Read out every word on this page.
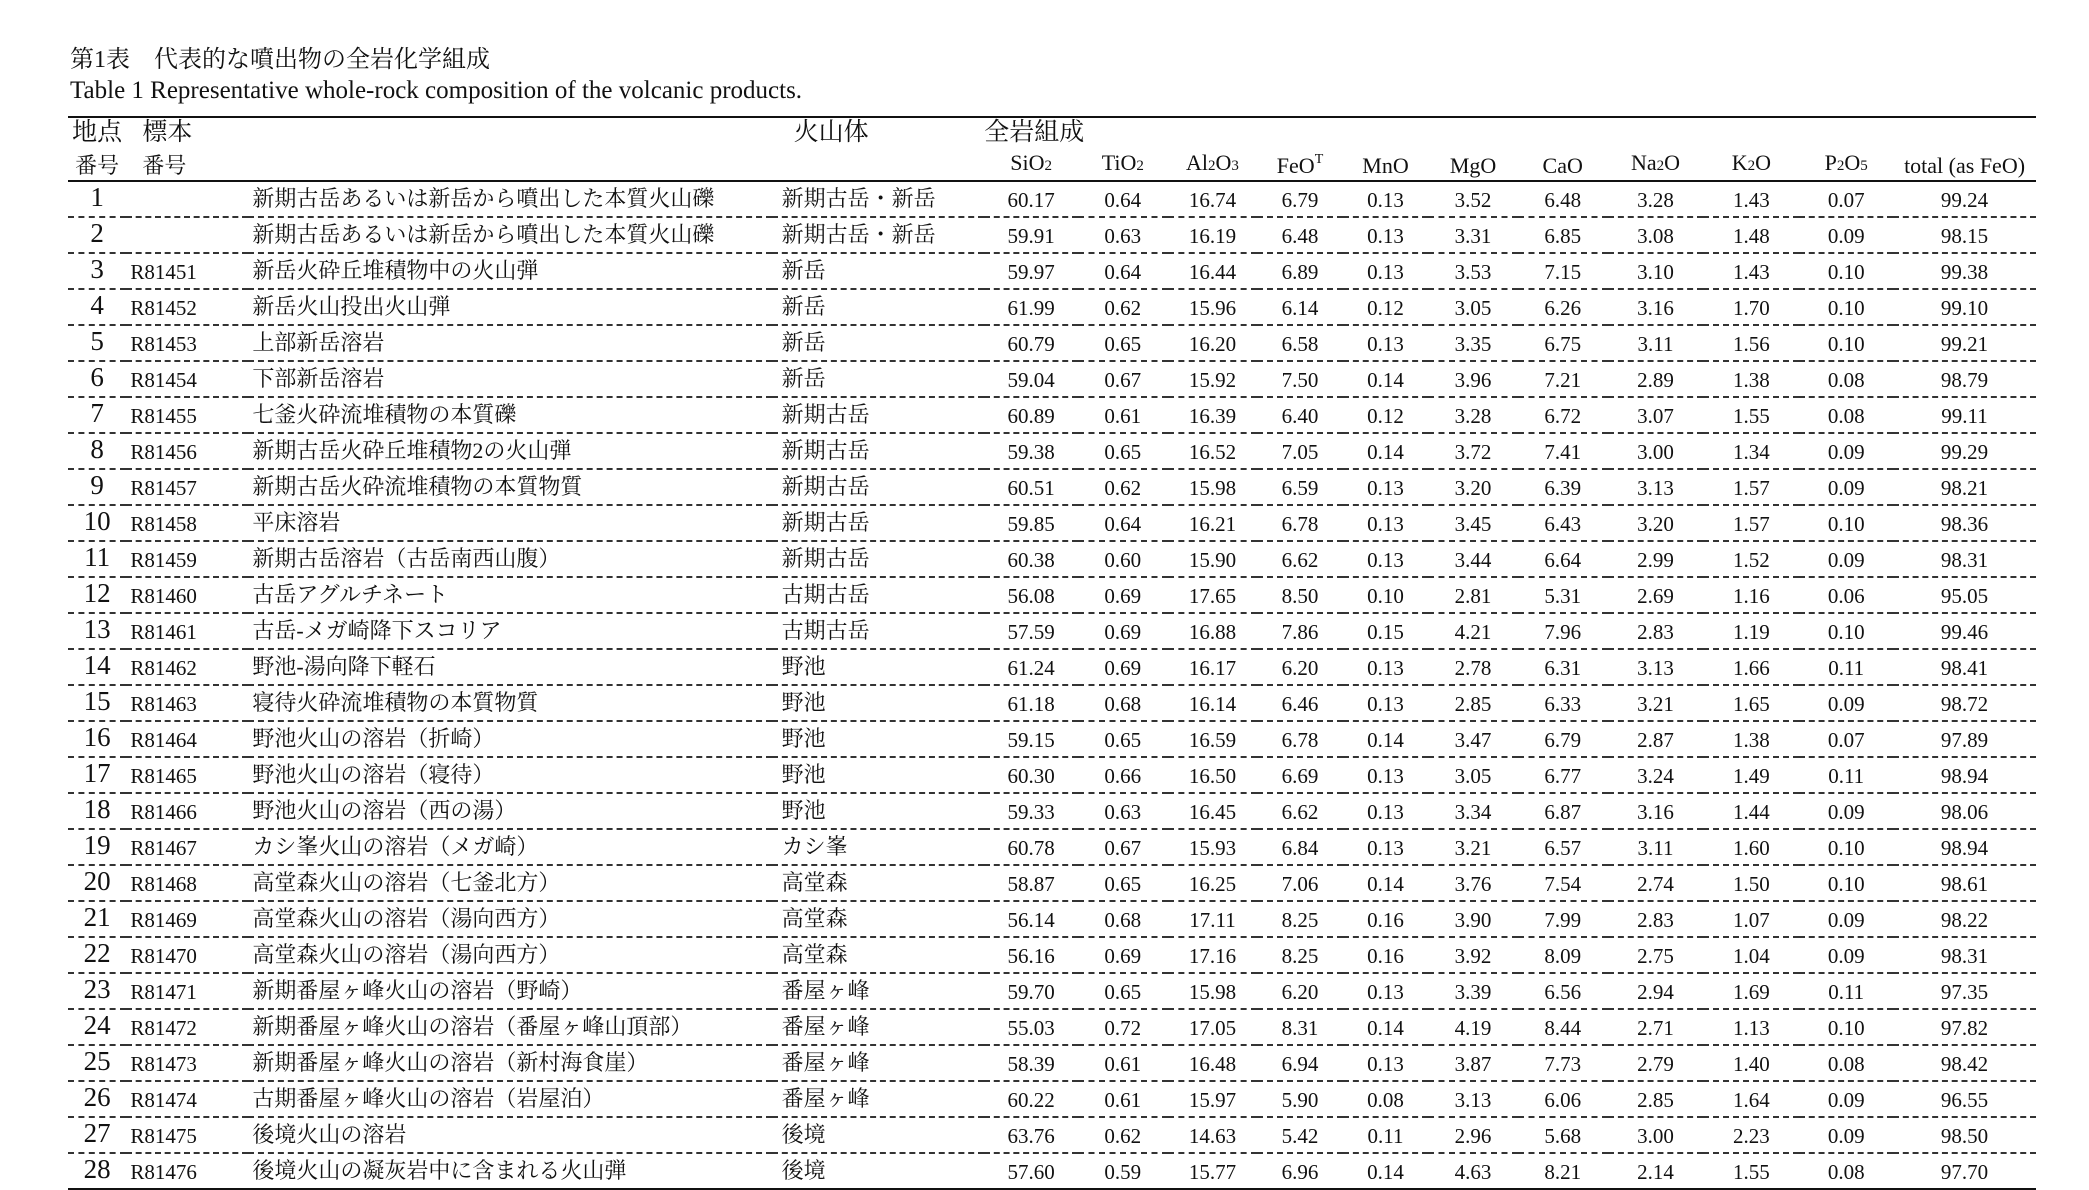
第1表　代表的な噴出物の全岩化学組成
Table 1 Representative whole-rock composition of the volcanic products.
地点	標本		火山体	全岩組成										
番号	番号			SiO2	TiO2	Al2O3	FeO$^T$	MnO	MgO	CaO	Na2O	K2O	P2O5	total (as FeO)
1		新期古岳あるいは新岳から噴出した本質火山礫	新期古岳・新岳	60.17	0.64	16.74	6.79	0.13	3.52	6.48	3.28	1.43	0.07	99.24
2		新期古岳あるいは新岳から噴出した本質火山礫	新期古岳・新岳	59.91	0.63	16.19	6.48	0.13	3.31	6.85	3.08	1.48	0.09	98.15
3	R81451	新岳火砕丘堆積物中の火山弾	新岳	59.97	0.64	16.44	6.89	0.13	3.53	7.15	3.10	1.43	0.10	99.38
4	R81452	新岳火山投出火山弾	新岳	61.99	0.62	15.96	6.14	0.12	3.05	6.26	3.16	1.70	0.10	99.10
5	R81453	上部新岳溶岩	新岳	60.79	0.65	16.20	6.58	0.13	3.35	6.75	3.11	1.56	0.10	99.21
6	R81454	下部新岳溶岩	新岳	59.04	0.67	15.92	7.50	0.14	3.96	7.21	2.89	1.38	0.08	98.79
7	R81455	七釜火砕流堆積物の本質礫	新期古岳	60.89	0.61	16.39	6.40	0.12	3.28	6.72	3.07	1.55	0.08	99.11
8	R81456	新期古岳火砕丘堆積物2の火山弾	新期古岳	59.38	0.65	16.52	7.05	0.14	3.72	7.41	3.00	1.34	0.09	99.29
9	R81457	新期古岳火砕流堆積物の本質物質	新期古岳	60.51	0.62	15.98	6.59	0.13	3.20	6.39	3.13	1.57	0.09	98.21
10	R81458	平床溶岩	新期古岳	59.85	0.64	16.21	6.78	0.13	3.45	6.43	3.20	1.57	0.10	98.36
11	R81459	新期古岳溶岩（古岳南西山腹）	新期古岳	60.38	0.60	15.90	6.62	0.13	3.44	6.64	2.99	1.52	0.09	98.31
12	R81460	古岳アグルチネート	古期古岳	56.08	0.69	17.65	8.50	0.10	2.81	5.31	2.69	1.16	0.06	95.05
13	R81461	古岳-メガ崎降下スコリア	古期古岳	57.59	0.69	16.88	7.86	0.15	4.21	7.96	2.83	1.19	0.10	99.46
14	R81462	野池-湯向降下軽石	野池	61.24	0.69	16.17	6.20	0.13	2.78	6.31	3.13	1.66	0.11	98.41
15	R81463	寝待火砕流堆積物の本質物質	野池	61.18	0.68	16.14	6.46	0.13	2.85	6.33	3.21	1.65	0.09	98.72
16	R81464	野池火山の溶岩（折崎）	野池	59.15	0.65	16.59	6.78	0.14	3.47	6.79	2.87	1.38	0.07	97.89
17	R81465	野池火山の溶岩（寝待）	野池	60.30	0.66	16.50	6.69	0.13	3.05	6.77	3.24	1.49	0.11	98.94
18	R81466	野池火山の溶岩（西の湯）	野池	59.33	0.63	16.45	6.62	0.13	3.34	6.87	3.16	1.44	0.09	98.06
19	R81467	カシ峯火山の溶岩（メガ崎）	カシ峯	60.78	0.67	15.93	6.84	0.13	3.21	6.57	3.11	1.60	0.10	98.94
20	R81468	高堂森火山の溶岩（七釜北方）	高堂森	58.87	0.65	16.25	7.06	0.14	3.76	7.54	2.74	1.50	0.10	98.61
21	R81469	高堂森火山の溶岩（湯向西方）	高堂森	56.14	0.68	17.11	8.25	0.16	3.90	7.99	2.83	1.07	0.09	98.22
22	R81470	高堂森火山の溶岩（湯向西方）	高堂森	56.16	0.69	17.16	8.25	0.16	3.92	8.09	2.75	1.04	0.09	98.31
23	R81471	新期番屋ヶ峰火山の溶岩（野崎）	番屋ヶ峰	59.70	0.65	15.98	6.20	0.13	3.39	6.56	2.94	1.69	0.11	97.35
24	R81472	新期番屋ヶ峰火山の溶岩（番屋ヶ峰山頂部）	番屋ヶ峰	55.03	0.72	17.05	8.31	0.14	4.19	8.44	2.71	1.13	0.10	97.82
25	R81473	新期番屋ヶ峰火山の溶岩（新村海食崖）	番屋ヶ峰	58.39	0.61	16.48	6.94	0.13	3.87	7.73	2.79	1.40	0.08	98.42
26	R81474	古期番屋ヶ峰火山の溶岩（岩屋泊）	番屋ヶ峰	60.22	0.61	15.97	5.90	0.08	3.13	6.06	2.85	1.64	0.09	96.55
27	R81475	後境火山の溶岩	後境	63.76	0.62	14.63	5.42	0.11	2.96	5.68	3.00	2.23	0.09	98.50
28	R81476	後境火山の凝灰岩中に含まれる火山弾	後境	57.60	0.59	15.77	6.96	0.14	4.63	8.21	2.14	1.55	0.08	97.70
